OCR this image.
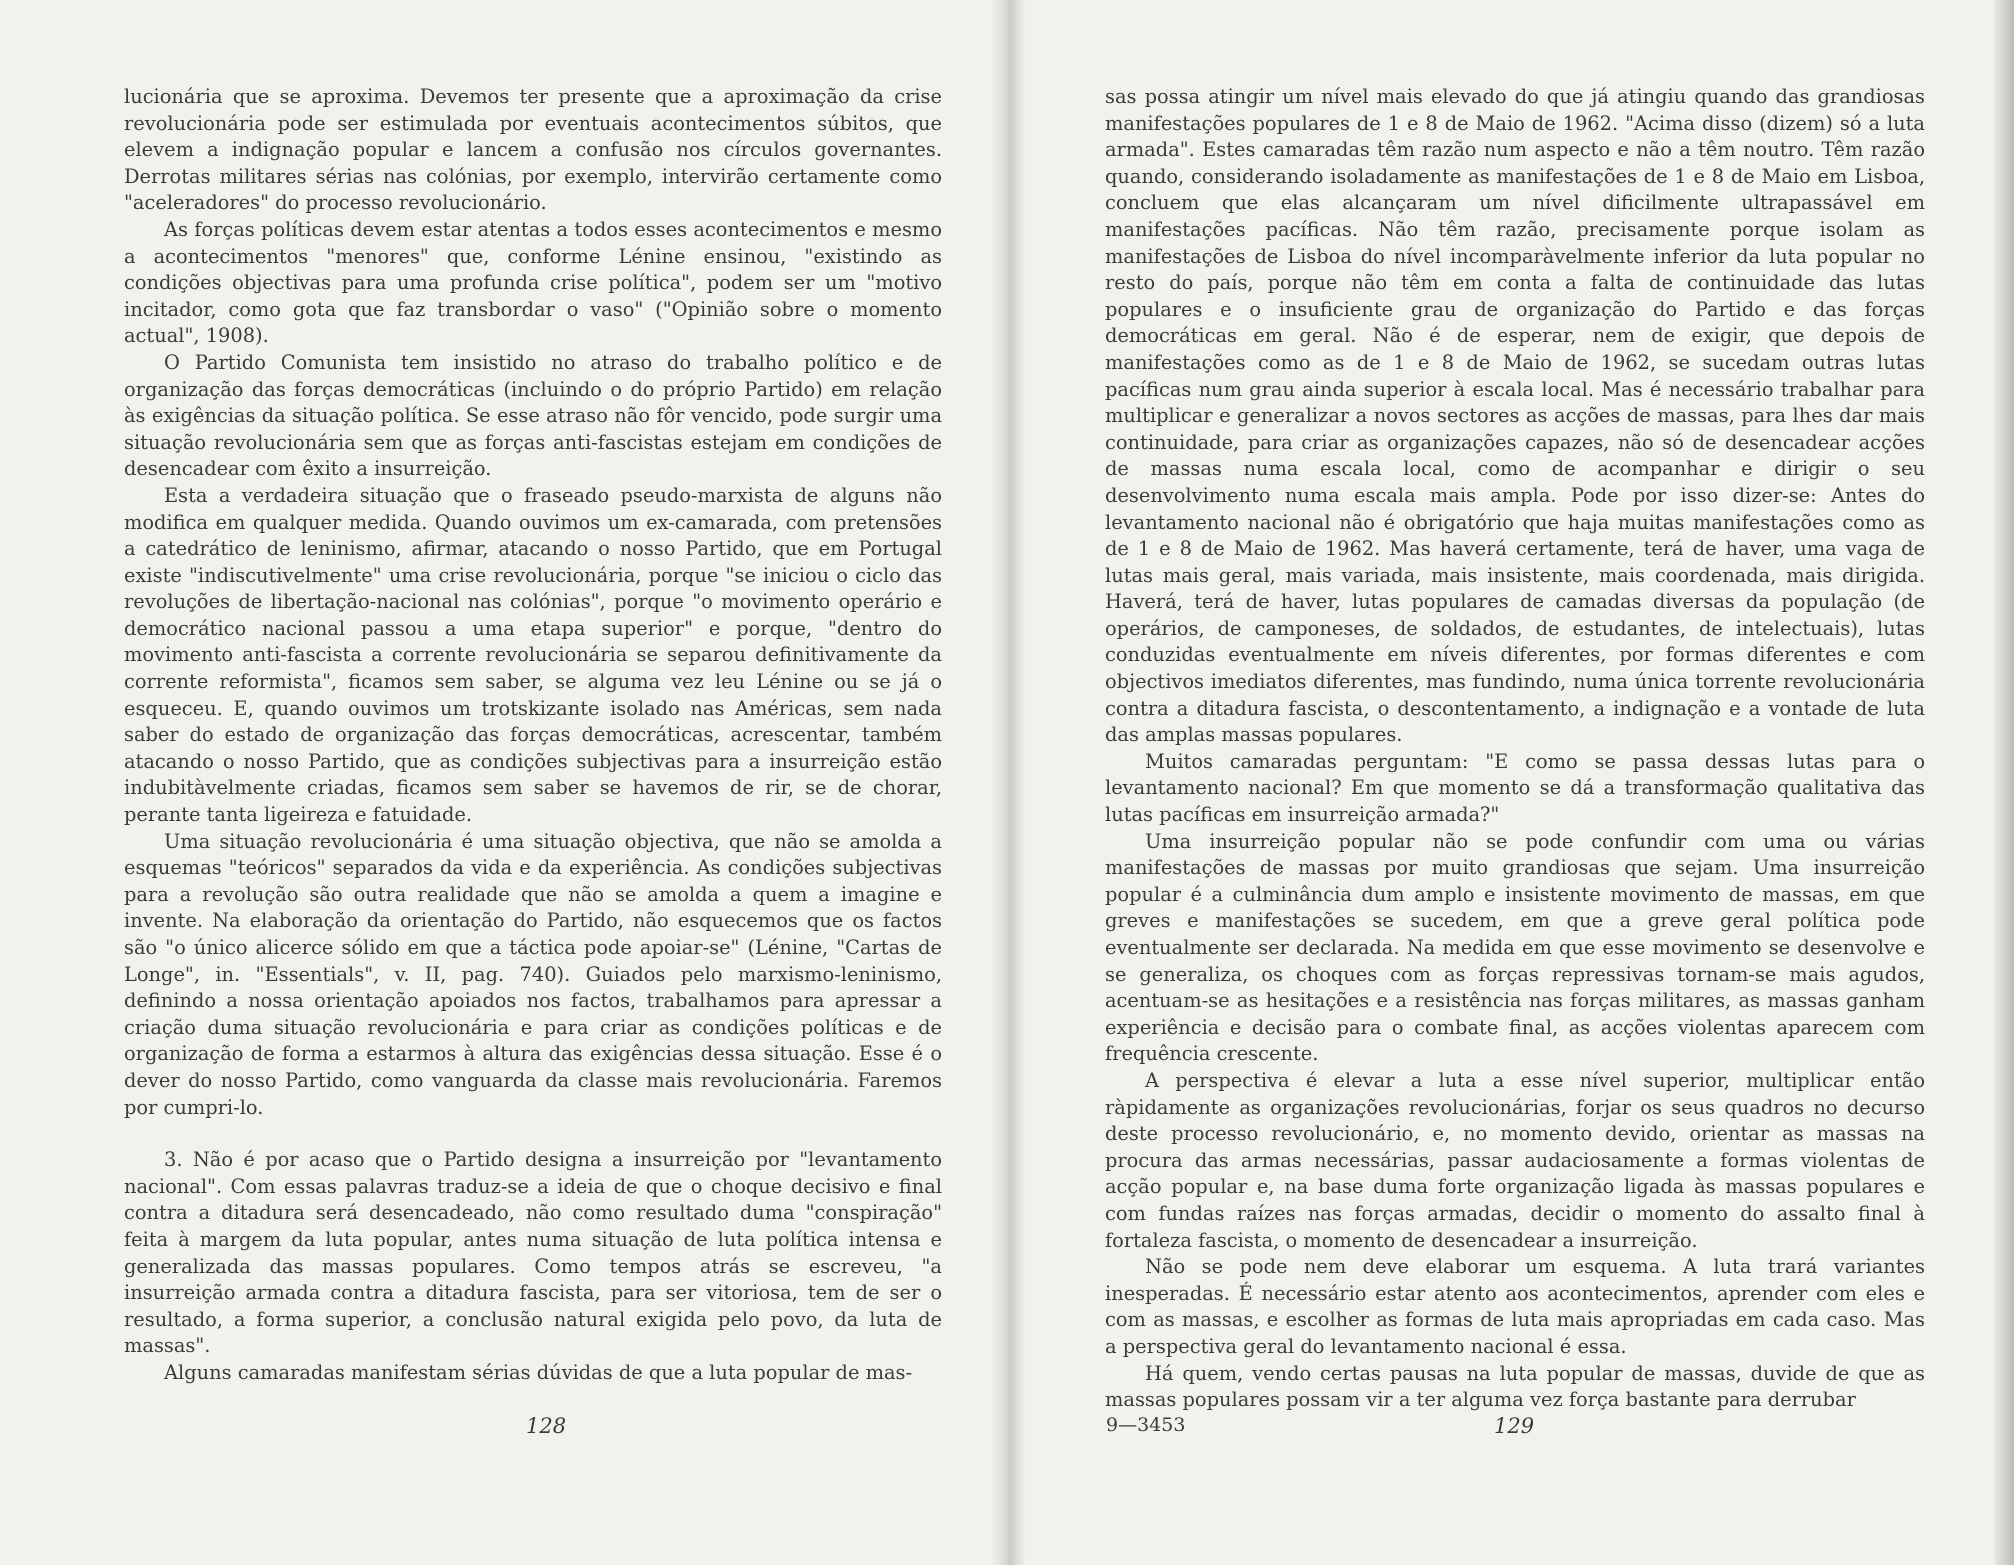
lucionária que se aproxima. Devemos ter presente que a aproximação da crise revolucionária pode ser estimulada por eventuais acontecimentos súbitos, que elevem a indignação popular e lancem a confusão nos círculos governantes. Derrotas militares sérias nas colónias, por exemplo, intervirão certamente como "aceleradores" do processo revolucionário.

As forças políticas devem estar atentas a todos esses acontecimentos e mesmo a acontecimentos "menores" que, conforme Lénine ensinou, "existindo as condições objectivas para uma profunda crise política", podem ser um "motivo incitador, como gota que faz transbordar o vaso" ("Opinião sobre o momento actual", 1908).

O Partido Comunista tem insistido no atraso do trabalho político e de organização das forças democráticas (incluindo o do próprio Partido) em relação às exigências da situação política. Se esse atraso não fôr vencido, pode surgir uma situação revolucionária sem que as forças anti-fascistas estejam em condições de desencadear com êxito a insurreição.

Esta a verdadeira situação que o fraseado pseudo-marxista de alguns não modifica em qualquer medida. Quando ouvimos um ex-camarada, com pretensões a catedrático de leninismo, afirmar, atacando o nosso Partido, que em Portugal existe "indiscutivelmente" uma crise revolucionária, porque "se iniciou o ciclo das revoluções de libertação-nacional nas colónias", porque "o movimento operário e democrático nacional passou a uma etapa superior" e porque, "dentro do movimento anti-fascista a corrente revolucionária se separou definitivamente da corrente reformista", ficamos sem saber, se alguma vez leu Lénine ou se já o esqueceu. E, quando ouvimos um trotskizante isolado nas Américas, sem nada saber do estado de organização das forças democráticas, acrescentar, também atacando o nosso Partido, que as condições subjectivas para a insurreição estão indubitàvelmente criadas, ficamos sem saber se havemos de rir, se de chorar, perante tanta ligeireza e fatuidade.

Uma situação revolucionária é uma situação objectiva, que não se amolda a esquemas "teóricos" separados da vida e da experiência. As condições subjectivas para a revolução são outra realidade que não se amolda a quem a imagine e invente. Na elaboração da orientação do Partido, não esquecemos que os factos são "o único alicerce sólido em que a táctica pode apoiar-se" (Lénine, "Cartas de Longe", in. "Essentials", v. II, pag. 740). Guiados pelo marxismo-leninismo, definindo a nossa orientação apoiados nos factos, trabalhamos para apressar a criação duma situação revolucionária e para criar as condições políticas e de organização de forma a estarmos à altura das exigências dessa situação. Esse é o dever do nosso Partido, como vanguarda da classe mais revolucionária. Faremos por cumpri-lo.

3. Não é por acaso que o Partido designa a insurreição por "levantamento nacional". Com essas palavras traduz-se a ideia de que o choque decisivo e final contra a ditadura será desencadeado, não como resultado duma "conspiração" feita à margem da luta popular, antes numa situação de luta política intensa e generalizada das massas populares. Como tempos atrás se escreveu, "a insurreição armada contra a ditadura fascista, para ser vitoriosa, tem de ser o resultado, a forma superior, a conclusão natural exigida pelo povo, da luta de massas".

Alguns camaradas manifestam sérias dúvidas de que a luta popular de mas-

128

sas possa atingir um nível mais elevado do que já atingiu quando das grandiosas manifestações populares de 1 e 8 de Maio de 1962. "Acima disso (dizem) só a luta armada". Estes camaradas têm razão num aspecto e não a têm noutro. Têm razão quando, considerando isoladamente as manifestações de 1 e 8 de Maio em Lisboa, concluem que elas alcançaram um nível dificilmente ultrapassável em manifestações pacíficas. Não têm razão, precisamente porque isolam as manifestações de Lisboa do nível incomparàvelmente inferior da luta popular no resto do país, porque não têm em conta a falta de continuidade das lutas populares e o insuficiente grau de organização do Partido e das forças democráticas em geral. Não é de esperar, nem de exigir, que depois de manifestações como as de 1 e 8 de Maio de 1962, se sucedam outras lutas pacíficas num grau ainda superior à escala local. Mas é necessário trabalhar para multiplicar e generalizar a novos sectores as acções de massas, para lhes dar mais continuidade, para criar as organizações capazes, não só de desencadear acções de massas numa escala local, como de acompanhar e dirigir o seu desenvolvimento numa escala mais ampla. Pode por isso dizer-se: Antes do levantamento nacional não é obrigatório que haja muitas manifestações como as de 1 e 8 de Maio de 1962. Mas haverá certamente, terá de haver, uma vaga de lutas mais geral, mais variada, mais insistente, mais coordenada, mais dirigida. Haverá, terá de haver, lutas populares de camadas diversas da população (de operários, de camponeses, de soldados, de estudantes, de intelectuais), lutas conduzidas eventualmente em níveis diferentes, por formas diferentes e com objectivos imediatos diferentes, mas fundindo, numa única torrente revolucionária contra a ditadura fascista, o descontentamento, a indignação e a vontade de luta das amplas massas populares.

Muitos camaradas perguntam: "E como se passa dessas lutas para o levantamento nacional? Em que momento se dá a transformação qualitativa das lutas pacíficas em insurreição armada?"

Uma insurreição popular não se pode confundir com uma ou várias manifestações de massas por muito grandiosas que sejam. Uma insurreição popular é a culminância dum amplo e insistente movimento de massas, em que greves e manifestações se sucedem, em que a greve geral política pode eventualmente ser declarada. Na medida em que esse movimento se desenvolve e se generaliza, os choques com as forças repressivas tornam-se mais agudos, acentuam-se as hesitações e a resistência nas forças militares, as massas ganham experiência e decisão para o combate final, as acções violentas aparecem com frequência crescente.

A perspectiva é elevar a luta a esse nível superior, multiplicar então ràpidamente as organizações revolucionárias, forjar os seus quadros no decurso deste processo revolucionário, e, no momento devido, orientar as massas na procura das armas necessárias, passar audaciosamente a formas violentas de acção popular e, na base duma forte organização ligada às massas populares e com fundas raízes nas forças armadas, decidir o momento do assalto final à fortaleza fascista, o momento de desencadear a insurreição.

Não se pode nem deve elaborar um esquema. A luta trará variantes inesperadas. É necessário estar atento aos acontecimentos, aprender com eles e com as massas, e escolher as formas de luta mais apropriadas em cada caso. Mas a perspectiva geral do levantamento nacional é essa.

Há quem, vendo certas pausas na luta popular de massas, duvide de que as massas populares possam vir a ter alguma vez força bastante para derrubar

9—3453	129
